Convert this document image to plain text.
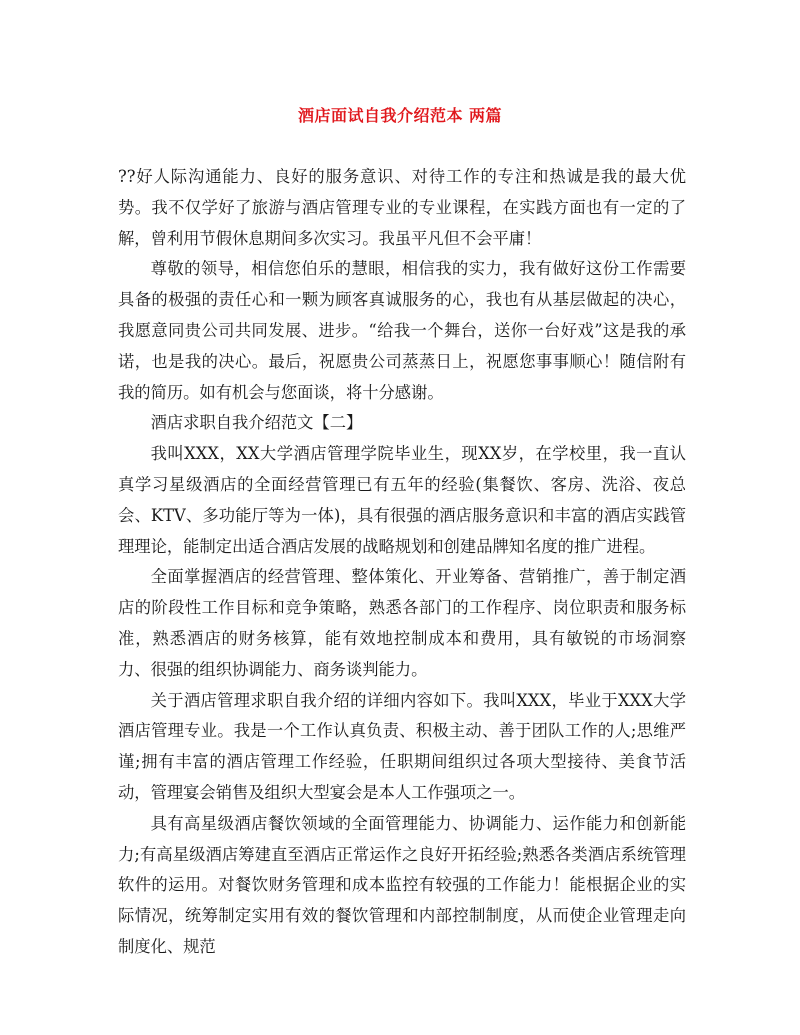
酒店面试自我介绍范本 两篇

??好人际沟通能力、良好的服务意识、对待工作的专注和热诚是我的最大优势。我不仅学好了旅游与酒店管理专业的专业课程，在实践方面也有一定的了解，曾利用节假休息期间多次实习。我虽平凡但不会平庸！

尊敬的领导，相信您伯乐的慧眼，相信我的实力，我有做好这份工作需要具备的极强的责任心和一颗为顾客真诚服务的心，我也有从基层做起的决心，我愿意同贵公司共同发展、进步。“给我一个舞台，送你一台好戏”这是我的承诺，也是我的决心。最后，祝愿贵公司蒸蒸日上，祝愿您事事顺心！随信附有我的简历。如有机会与您面谈，将十分感谢。

酒店求职自我介绍范文【二】

我叫XXX，XX大学酒店管理学院毕业生，现XX岁，在学校里，我一直认真学习星级酒店的全面经营管理已有五年的经验(集餐饮、客房、洗浴、夜总会、KTV、多功能厅等为一体)，具有很强的酒店服务意识和丰富的酒店实践管理理论，能制定出适合酒店发展的战略规划和创建品牌知名度的推广进程。

全面掌握酒店的经营管理、整体策化、开业筹备、营销推广，善于制定酒店的阶段性工作目标和竞争策略，熟悉各部门的工作程序、岗位职责和服务标准，熟悉酒店的财务核算，能有效地控制成本和费用，具有敏锐的市场洞察力、很强的组织协调能力、商务谈判能力。

关于酒店管理求职自我介绍的详细内容如下。我叫XXX，毕业于XXX大学酒店管理专业。我是一个工作认真负责、积极主动、善于团队工作的人;思维严谨;拥有丰富的酒店管理工作经验，任职期间组织过各项大型接待、美食节活动，管理宴会销售及组织大型宴会是本人工作强项之一。

具有高星级酒店餐饮领域的全面管理能力、协调能力、运作能力和创新能力;有高星级酒店筹建直至酒店正常运作之良好开拓经验;熟悉各类酒店系统管理软件的运用。对餐饮财务管理和成本监控有较强的工作能力！能根据企业的实际情况，统筹制定实用有效的餐饮管理和内部控制制度，从而使企业管理走向制度化、规范
